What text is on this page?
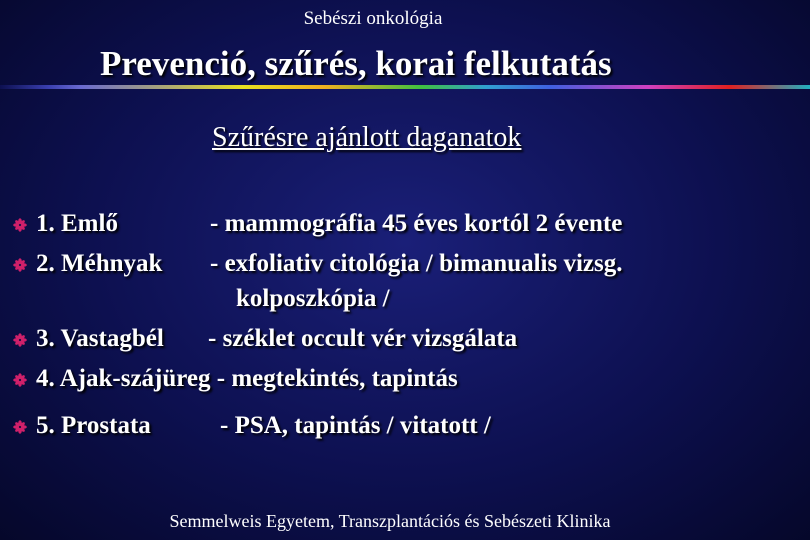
Sebészi onkológia
Prevenció, szűrés, korai felkutatás
Szűrésre ajánlott daganatok
1. Emlő	- mammográfia 45 éves kortól 2 évente
2. Méhnyak - exfoliativ citológia / bimanualis vizsg.
kolposzkópia /
3. Vastagbél - széklet occult vér vizsgálata
4. Ajak-szájüreg - megtekintés, tapintás
5. Prostata	- PSA, tapintás / vitatott /
Semmelweis Egyetem, Transzplantációs és Sebészeti Klinika
